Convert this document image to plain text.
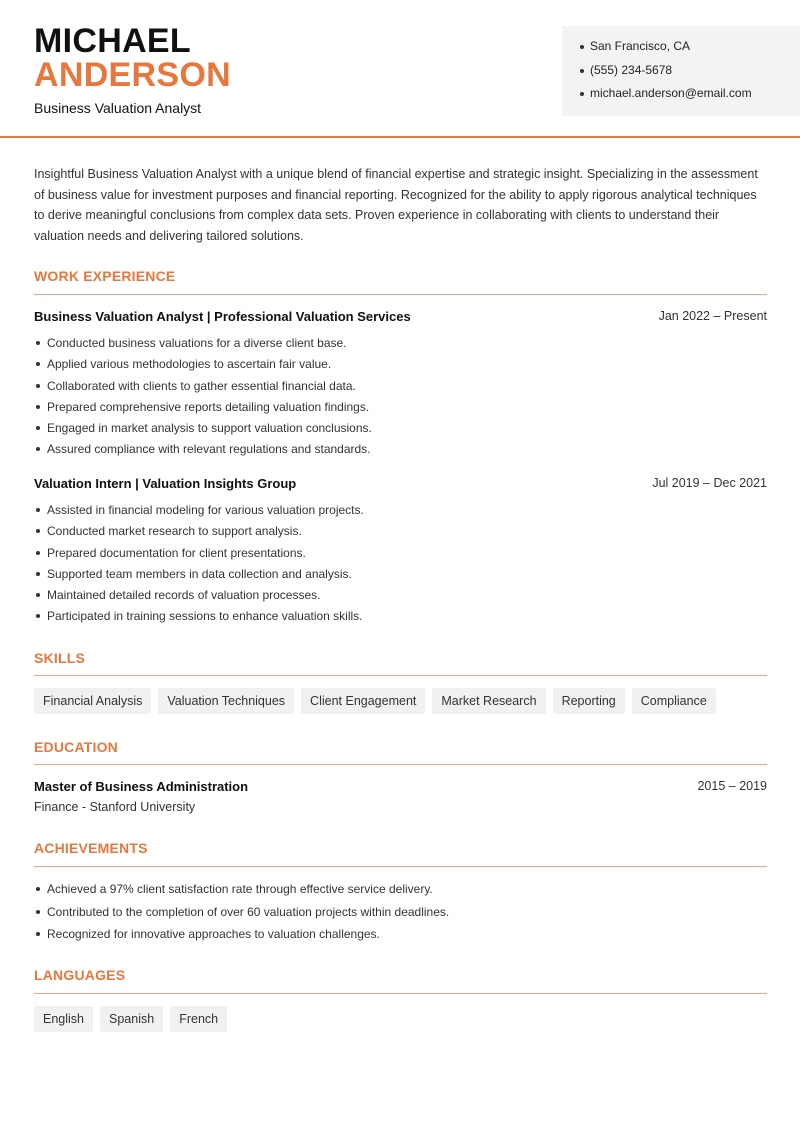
MICHAEL
ANDERSON
Business Valuation Analyst
San Francisco, CA
(555) 234-5678
michael.anderson@email.com
Insightful Business Valuation Analyst with a unique blend of financial expertise and strategic insight. Specializing in the assessment of business value for investment purposes and financial reporting. Recognized for the ability to apply rigorous analytical techniques to derive meaningful conclusions from complex data sets. Proven experience in collaborating with clients to understand their valuation needs and delivering tailored solutions.
WORK EXPERIENCE
Business Valuation Analyst | Professional Valuation Services	Jan 2022 – Present
Conducted business valuations for a diverse client base.
Applied various methodologies to ascertain fair value.
Collaborated with clients to gather essential financial data.
Prepared comprehensive reports detailing valuation findings.
Engaged in market analysis to support valuation conclusions.
Assured compliance with relevant regulations and standards.
Valuation Intern | Valuation Insights Group	Jul 2019 – Dec 2021
Assisted in financial modeling for various valuation projects.
Conducted market research to support analysis.
Prepared documentation for client presentations.
Supported team members in data collection and analysis.
Maintained detailed records of valuation processes.
Participated in training sessions to enhance valuation skills.
SKILLS
Financial Analysis	Valuation Techniques	Client Engagement	Market Research	Reporting	Compliance
EDUCATION
Master of Business Administration	2015 – 2019
Finance - Stanford University
ACHIEVEMENTS
Achieved a 97% client satisfaction rate through effective service delivery.
Contributed to the completion of over 60 valuation projects within deadlines.
Recognized for innovative approaches to valuation challenges.
LANGUAGES
English	Spanish	French
